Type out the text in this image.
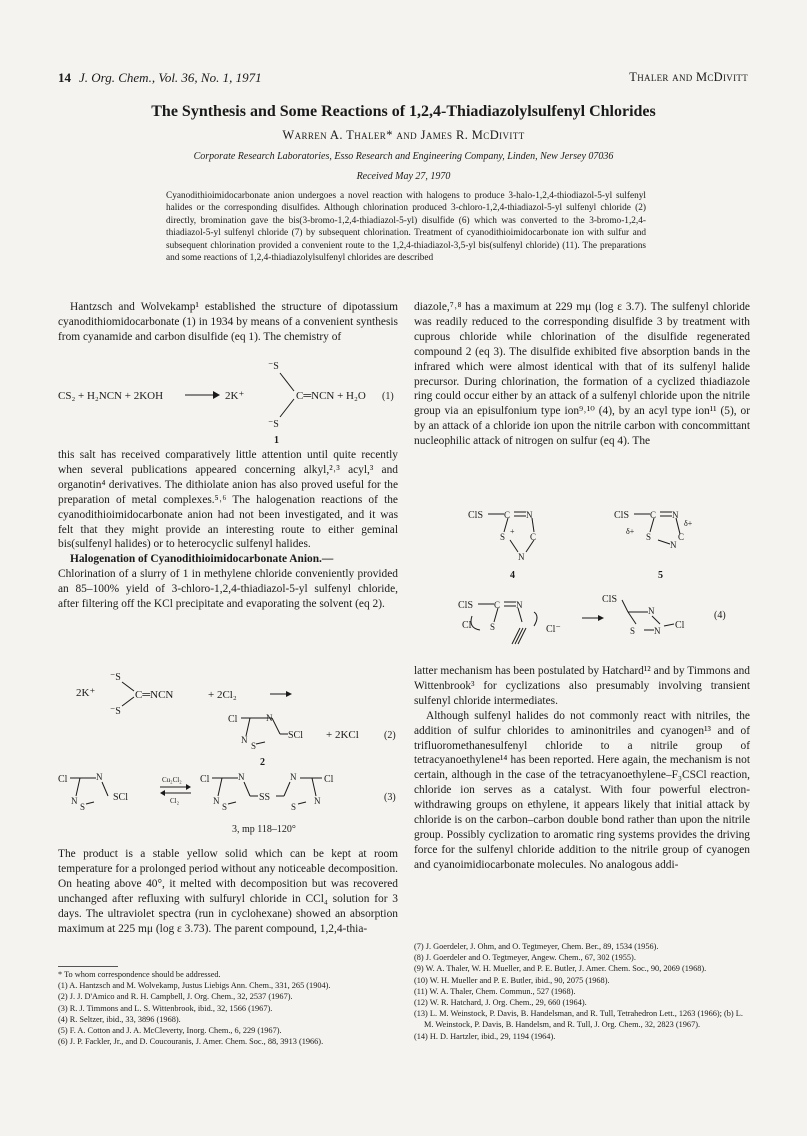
14 J. Org. Chem., Vol. 36, No. 1, 1971	Thaler and McDivitt
The Synthesis and Some Reactions of 1,2,4-Thiadiazolylsulfenyl Chlorides
Warren A. Thaler* and James R. McDivitt
Corporate Research Laboratories, Esso Research and Engineering Company, Linden, New Jersey 07036
Received May 27, 1970
Cyanodithioimidocarbonate anion undergoes a novel reaction with halogens to produce 3-halo-1,2,4-thiodiazol-5-yl sulfenyl halides or the corresponding disulfides. Although chlorination produced 3-chloro-1,2,4-thiadiazol-5-yl sulfenyl chloride (2) directly, bromination gave the bis(3-bromo-1,2,4-thiadiazol-5-yl) disulfide (6) which was converted to the 3-bromo-1,2,4-thiadiazol-5-yl sulfenyl chloride (7) by subsequent chlorination. Treatment of cyanodithioimidocarbonate ion with sulfur and subsequent chlorination provided a convenient route to the 1,2,4-thiadiazol-3,5-yl bis(sulfenyl chloride) (11). The preparations and some reactions of 1,2,4-thiadiazolylsulfenyl chlorides are described

Hantzsch and Wolvekamp¹ established the structure of dipotassium cyanodithiomidocarbonate (1) in 1934 by means of a convenient synthesis from cyanamide and carbon disulfide (eq 1). The chemistry of

CS₂ + H₂NCN + 2KOH	2K⁺
⁻S
⁻S
C═NCN + H₂O (1)
1

this salt has received comparatively little attention until quite recently when several publications appeared concerning alkyl,²˒³ acyl,³ and organotin⁴ derivatives. The dithiolate anion has also proved useful for the preparation of metal complexes.⁵˒⁶ The halogenation reactions of the cyanodithioimidocarbonate anion had not been investigated, and it was felt that they might provide an interesting route to either geminal bis(sulfenyl halides) or to heterocyclic sulfenyl halides.

Halogenation of Cyanodithioimidocarbonate Anion.—

Chlorination of a slurry of 1 in methylene chloride conveniently provided an 85–100% yield of 3-chloro-1,2,4-thiadiazol-5-yl sulfenyl chloride, after filtering off the KCl precipitate and evaporating the solvent (eq 2).

2K⁺
⁻S
⁻S
C═NCN	+ 2Cl₂
Cl	N
N
S
SCl + 2KCl	(2)
2
Cl	N
N
S
SCl
Cu₂Cl₂
Cl₂
Cl	N
N
S
SS
N
N
S
Cl
(3)
3, mp 118–120°

The product is a stable yellow solid which can be kept at room temperature for a prolonged period without any noticeable decomposition. On heating above 40°, it melted with decomposition but was recovered unchanged after refluxing with sulfuryl chloride in CCl₄ solution for 3 days. The ultraviolet spectra (run in cyclohexane) showed an absorption maximum at 225 mμ (log ε 3.73). The parent compound, 1,2,4-thia-

* To whom correspondence should be addressed.
(1) A. Hantzsch and M. Wolvekamp, Justus Liebigs Ann. Chem., 331, 265 (1904).
(2) J. J. D'Amico and R. H. Campbell, J. Org. Chem., 32, 2537 (1967).
(3) R. J. Timmons and L. S. Wittenbrook, ibid., 32, 1566 (1967).
(4) R. Seltzer, ibid., 33, 3896 (1968).
(5) F. A. Cotton and J. A. McCleverty, Inorg. Chem., 6, 229 (1967).
(6) J. P. Fackler, Jr., and D. Coucouranis, J. Amer. Chem. Soc., 88, 3913 (1966).

diazole,⁷˒⁸ has a maximum at 229 mμ (log ε 3.7). The sulfenyl chloride was readily reduced to the corresponding disulfide 3 by treatment with cuprous chloride while chlorination of the disulfide regenerated compound 2 (eq 3). The disulfide exhibited five absorption bands in the infrared which were almost identical with that of its sulfenyl halide precursor. During chlorination, the formation of a cyclized thiadiazole ring could occur either by an attack of a sulfenyl chloride upon the nitrile group via an episulfonium type ion⁹˒¹⁰ (4), by an acyl type ion¹¹ (5), or by an attack of a chloride ion upon the nitrile carbon with concommittant nucleophilic attack of nitrogen on sulfur (eq 4). The

ClS C N
S
+
C
N
4
ClS C N
δ+
δ+
S
N
C
5
ClS C N
Cl S	Cl⁻
ClS
N
S N Cl
(4)

latter mechanism has been postulated by Hatchard¹² and by Timmons and Wittenbrook³ for cyclizations also presumably involving transient sulfenyl chloride intermediates.

Although sulfenyl halides do not commonly react with nitriles, the addition of sulfur chlorides to aminonitriles and cyanogen¹³ and of trifluoromethanesulfenyl chloride to a nitrile group of tetracyanoethylene¹⁴ has been reported. Here again, the mechanism is not certain, although in the case of the tetracyanoethylene–F₃CSCl reaction, chloride ion serves as a catalyst. With four powerful electron-withdrawing groups on ethylene, it appears likely that initial attack by chloride is on the carbon–carbon double bond rather than upon the nitrile group. Possibly cyclization to aromatic ring systems provides the driving force for the sulfenyl chloride addition to the nitrile group of cyanogen and cyanoimidiocarbonate molecules. No analogous addi-

(7) J. Goerdeler, J. Ohm, and O. Tegtmeyer, Chem. Ber., 89, 1534 (1956).
(8) J. Goerdeler and O. Tegtmeyer, Angew. Chem., 67, 302 (1955).
(9) W. A. Thaler, W. H. Mueller, and P. E. Butler, J. Amer. Chem. Soc., 90, 2069 (1968).
(10) W. H. Mueller and P. E. Butler, ibid., 90, 2075 (1968).
(11) W. A. Thaler, Chem. Commun., 527 (1968).
(12) W. R. Hatchard, J. Org. Chem., 29, 660 (1964).
(13) L. M. Weinstock, P. Davis, B. Handelsman, and R. Tull, Tetrahedron Lett., 1263 (1966); (b) L. M. Weinstock, P. Davis, B. Handelsm, and R. Tull, J. Org. Chem., 32, 2823 (1967).
(14) H. D. Hartzler, ibid., 29, 1194 (1964).
